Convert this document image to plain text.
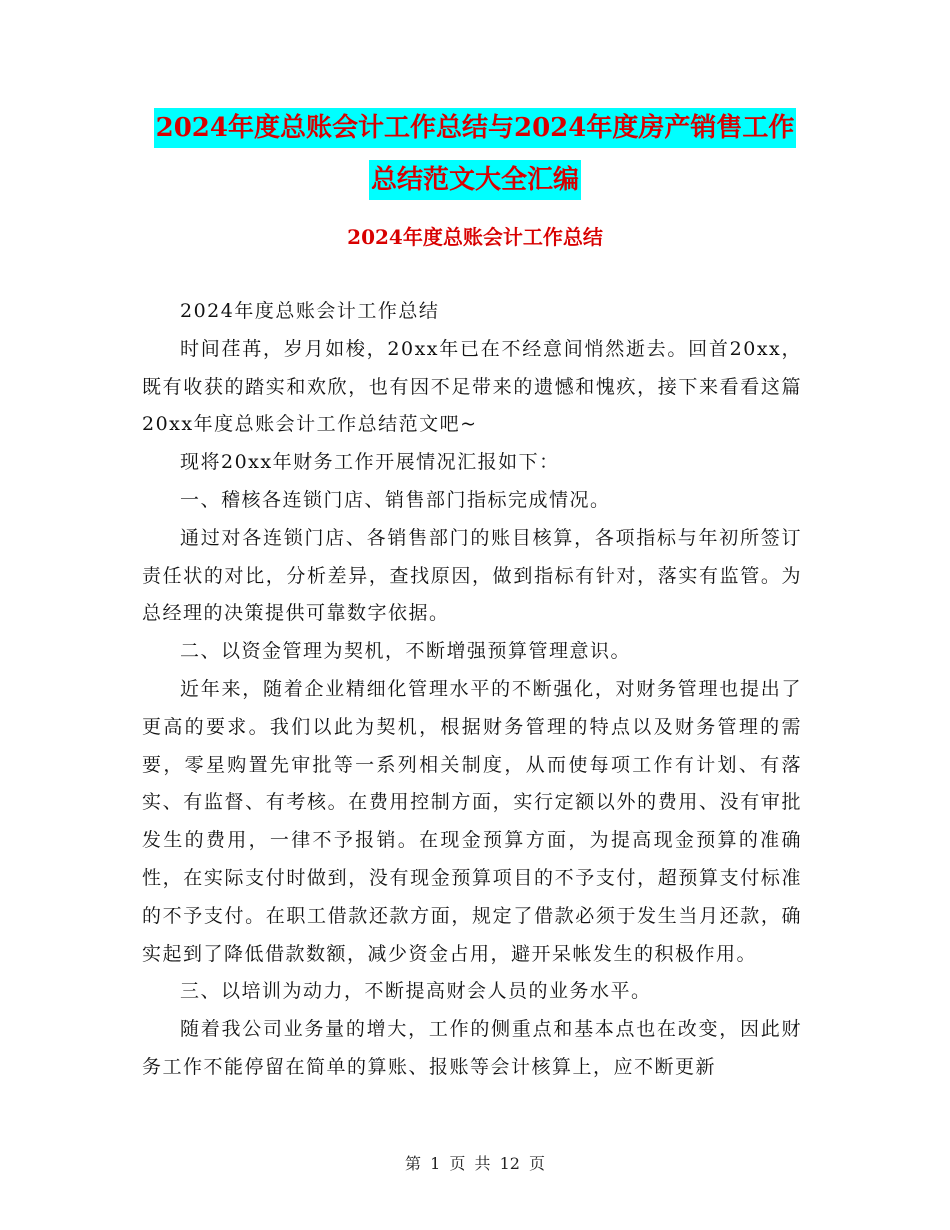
2024年度总账会计工作总结与2024年度房产销售工作
总结范文大全汇编
2024年度总账会计工作总结

2024年度总账会计工作总结

时间荏苒，岁月如梭，20xx年已在不经意间悄然逝去。回首20xx，既有收获的踏实和欢欣，也有因不足带来的遗憾和愧疚，接下来看看这篇20xx年度总账会计工作总结范文吧~

现将20xx年财务工作开展情况汇报如下：

一、稽核各连锁门店、销售部门指标完成情况。

通过对各连锁门店、各销售部门的账目核算，各项指标与年初所签订责任状的对比，分析差异，查找原因，做到指标有针对，落实有监管。为总经理的决策提供可靠数字依据。

二、以资金管理为契机，不断增强预算管理意识。

近年来，随着企业精细化管理水平的不断强化，对财务管理也提出了更高的要求。我们以此为契机，根据财务管理的特点以及财务管理的需要，零星购置先审批等一系列相关制度，从而使每项工作有计划、有落实、有监督、有考核。在费用控制方面，实行定额以外的费用、没有审批发生的费用，一律不予报销。在现金预算方面，为提高现金预算的准确性，在实际支付时做到，没有现金预算项目的不予支付，超预算支付标准的不予支付。在职工借款还款方面，规定了借款必须于发生当月还款，确实起到了降低借款数额，减少资金占用，避开呆帐发生的积极作用。

三、以培训为动力，不断提高财会人员的业务水平。

随着我公司业务量的增大，工作的侧重点和基本点也在改变，因此财务工作不能停留在简单的算账、报账等会计核算上，应不断更新

第 1 页 共 12 页
